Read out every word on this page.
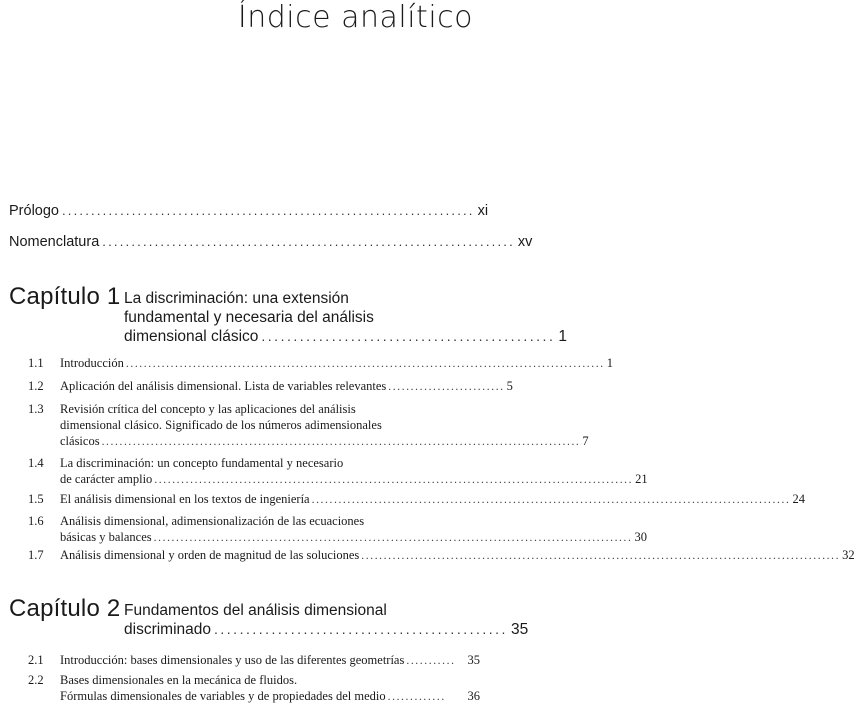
Índice analítico
Prólogo ....................................................................... xi
Nomenclatura ....................................................................... xv
Capítulo 1 La discriminación: una extensión
fundamental y necesaria del análisis
dimensional clásico .............................................. 1
1.1	Introducción ........................................................................................................... 1
1.2	Aplicación del análisis dimensional. Lista de variables relevantes .......................... 5
1.3	Revisión crítica del concepto y las aplicaciones del análisis
dimensional clásico. Significado de los números adimensionales
clásicos ........................................................................................................... 7
1.4	La discriminación: un concepto fundamental y necesario
de carácter amplio ........................................................................................................... 21
1.5	El análisis dimensional en los textos de ingeniería ........................................................................................................... 24
1.6	Análisis dimensional, adimensionalización de las ecuaciones
básicas y balances ........................................................................................................... 30
1.7	Análisis dimensional y orden de magnitud de las soluciones ........................................................................................................... 32
Capítulo 2 Fundamentos del análisis dimensional
discriminado .............................................. 35
2.1	Introducción: bases dimensionales y uso de las diferentes geometrías ........... 35
2.2	Bases dimensionales en la mecánica de fluidos.
Fórmulas dimensionales de variables y de propiedades del medio .............	36
